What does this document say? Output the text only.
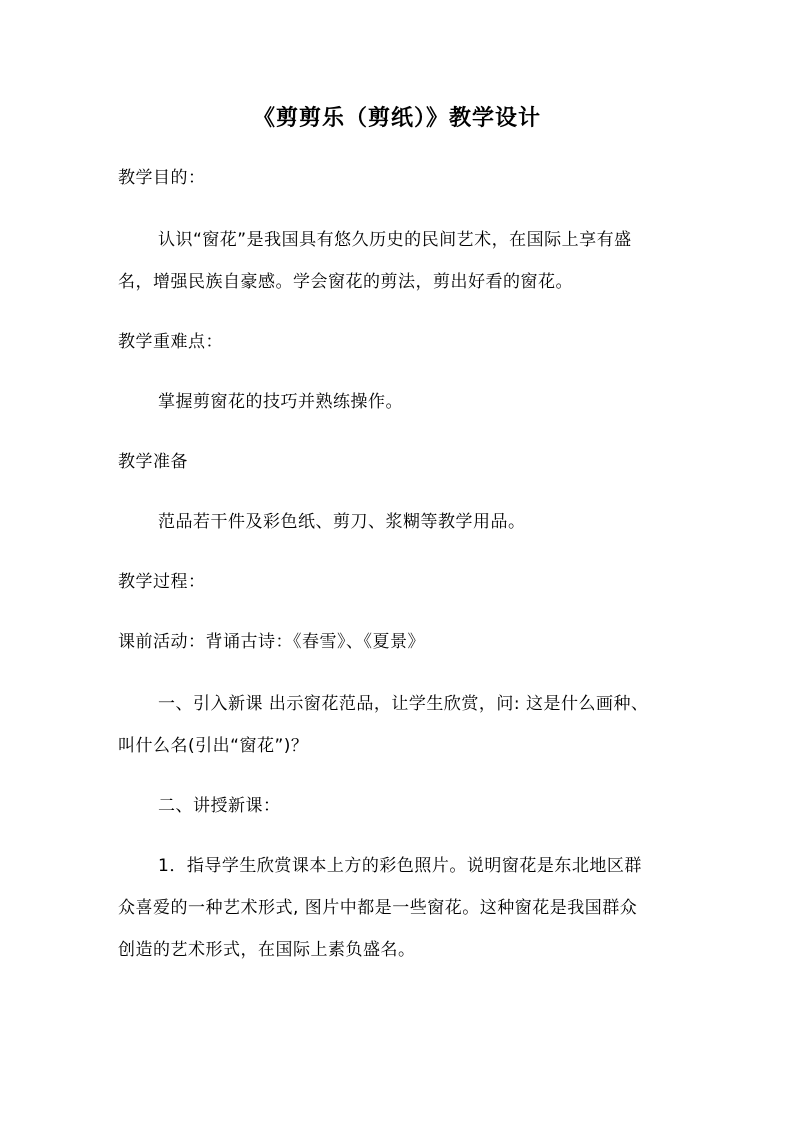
《剪剪乐（剪纸）》教学设计
教学目的：
认识“窗花”是我国具有悠久历史的民间艺术，在国际上享有盛
名，增强民族自豪感。学会窗花的剪法，剪出好看的窗花。
教学重难点：
掌握剪窗花的技巧并熟练操作。
教学准备
范品若干件及彩色纸、剪刀、浆糊等教学用品。
教学过程：
课前活动：背诵古诗：《春雪》、《夏景》
一、引入新课 出示窗花范品，让学生欣赏，问: 这是什么画种、
叫什么名(引出“窗花”)？
二、讲授新课：
1．指导学生欣赏课本上方的彩色照片。说明窗花是东北地区群
众喜爱的一种艺术形式, 图片中都是一些窗花。这种窗花是我国群众
创造的艺术形式，在国际上素负盛名。
